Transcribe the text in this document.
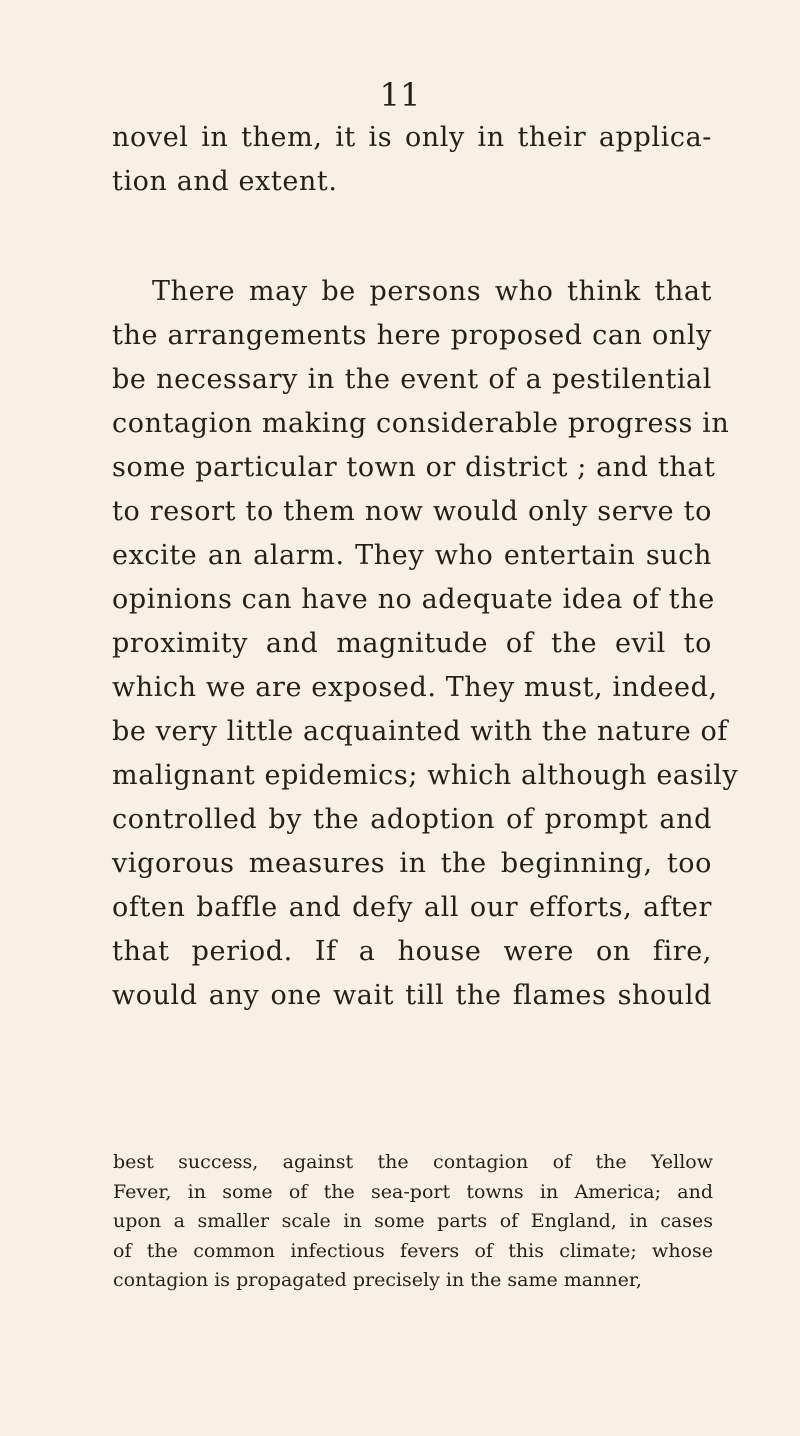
11
novel in them, it is only in their applica-
tion and extent.
There may be persons who think that
the arrangements here proposed can only
be necessary in the event of a pestilential
contagion making considerable progress in
some particular town or district ; and that
to resort to them now would only serve to
excite an alarm. They who entertain such
opinions can have no adequate idea of the
proximity and magnitude of the evil to
which we are exposed. They must, indeed,
be very little acquainted with the nature of
malignant epidemics; which although easily
controlled by the adoption of prompt and
vigorous measures in the beginning, too
often baffle and defy all our efforts, after
that period. If a house were on fire,
would any one wait till the flames should
best success, against the contagion of the Yellow
Fever, in some of the sea-port towns in America; and
upon a smaller scale in some parts of England, in cases
of the common infectious fevers of this climate; whose
contagion is propagated precisely in the same manner,
